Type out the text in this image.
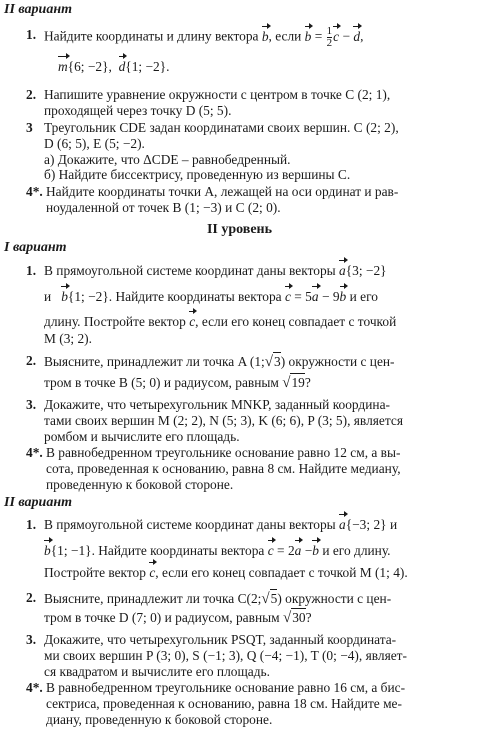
II вариант
1. Найдите координаты и длину вектора b, если $b = \frac{1}{2}$ c − d,
m{6; −2}, d{1; −2}.
2. Напишите уравнение окружности с центром в точке C (2; 1),
проходящей через точку D (5; 5).
3 Треугольник CDE задан координатами своих вершин. C (2; 2),
D (6; 5), E (5; −2).
а) Докажите, что ΔCDE – равнобедренный.
б) Найдите биссектрису, проведенную из вершины C.
4*. Найдите координаты точки A, лежащей на оси ординат и рав-
ноудаленной от точек B (1; −3) и C (2; 0).
II уровень
I вариант
1. В прямоугольной системе координат даны векторы a{3; −2}
и b{1; −2}. Найдите координаты вектора c = 5a − 9b и его
длину. Постройте вектор c, если его конец совпадает с точкой
M (3; 2).
2. Выясните, принадлежит ли точка A (1;√3) окружности с цен-
тром в точке B (5; 0) и радиусом, равным √19?
3. Докажите, что четырехугольник MNKP, заданный координа-
тами своих вершин M (2; 2), N (5; 3), K (6; 6), P (3; 5), является
ромбом и вычислите его площадь.
4*. В равнобедренном треугольнике основание равно 12 см, а вы-
сота, проведенная к основанию, равна 8 см. Найдите медиану,
проведенную к боковой стороне.
II вариант
1. В прямоугольной системе координат даны векторы a{−3; 2} и
b{1; −1}. Найдите координаты вектора c = 2a −b и его длину.
Постройте вектор c, если его конец совпадает с точкой M (1; 4).
2. Выясните, принадлежит ли точка C(2;√5) окружности с цен-
тром в точке D (7; 0) и радиусом, равным √30?
3. Докажите, что четырехугольник PSQT, заданный координата-
ми своих вершин P (3; 0), S (−1; 3), Q (−4; −1), T (0; −4), являет-
ся квадратом и вычислите его площадь.
4*. В равнобедренном треугольнике основание равно 16 см, а бис-
сектриса, проведенная к основанию, равна 18 см. Найдите ме-
диану, проведенную к боковой стороне.
